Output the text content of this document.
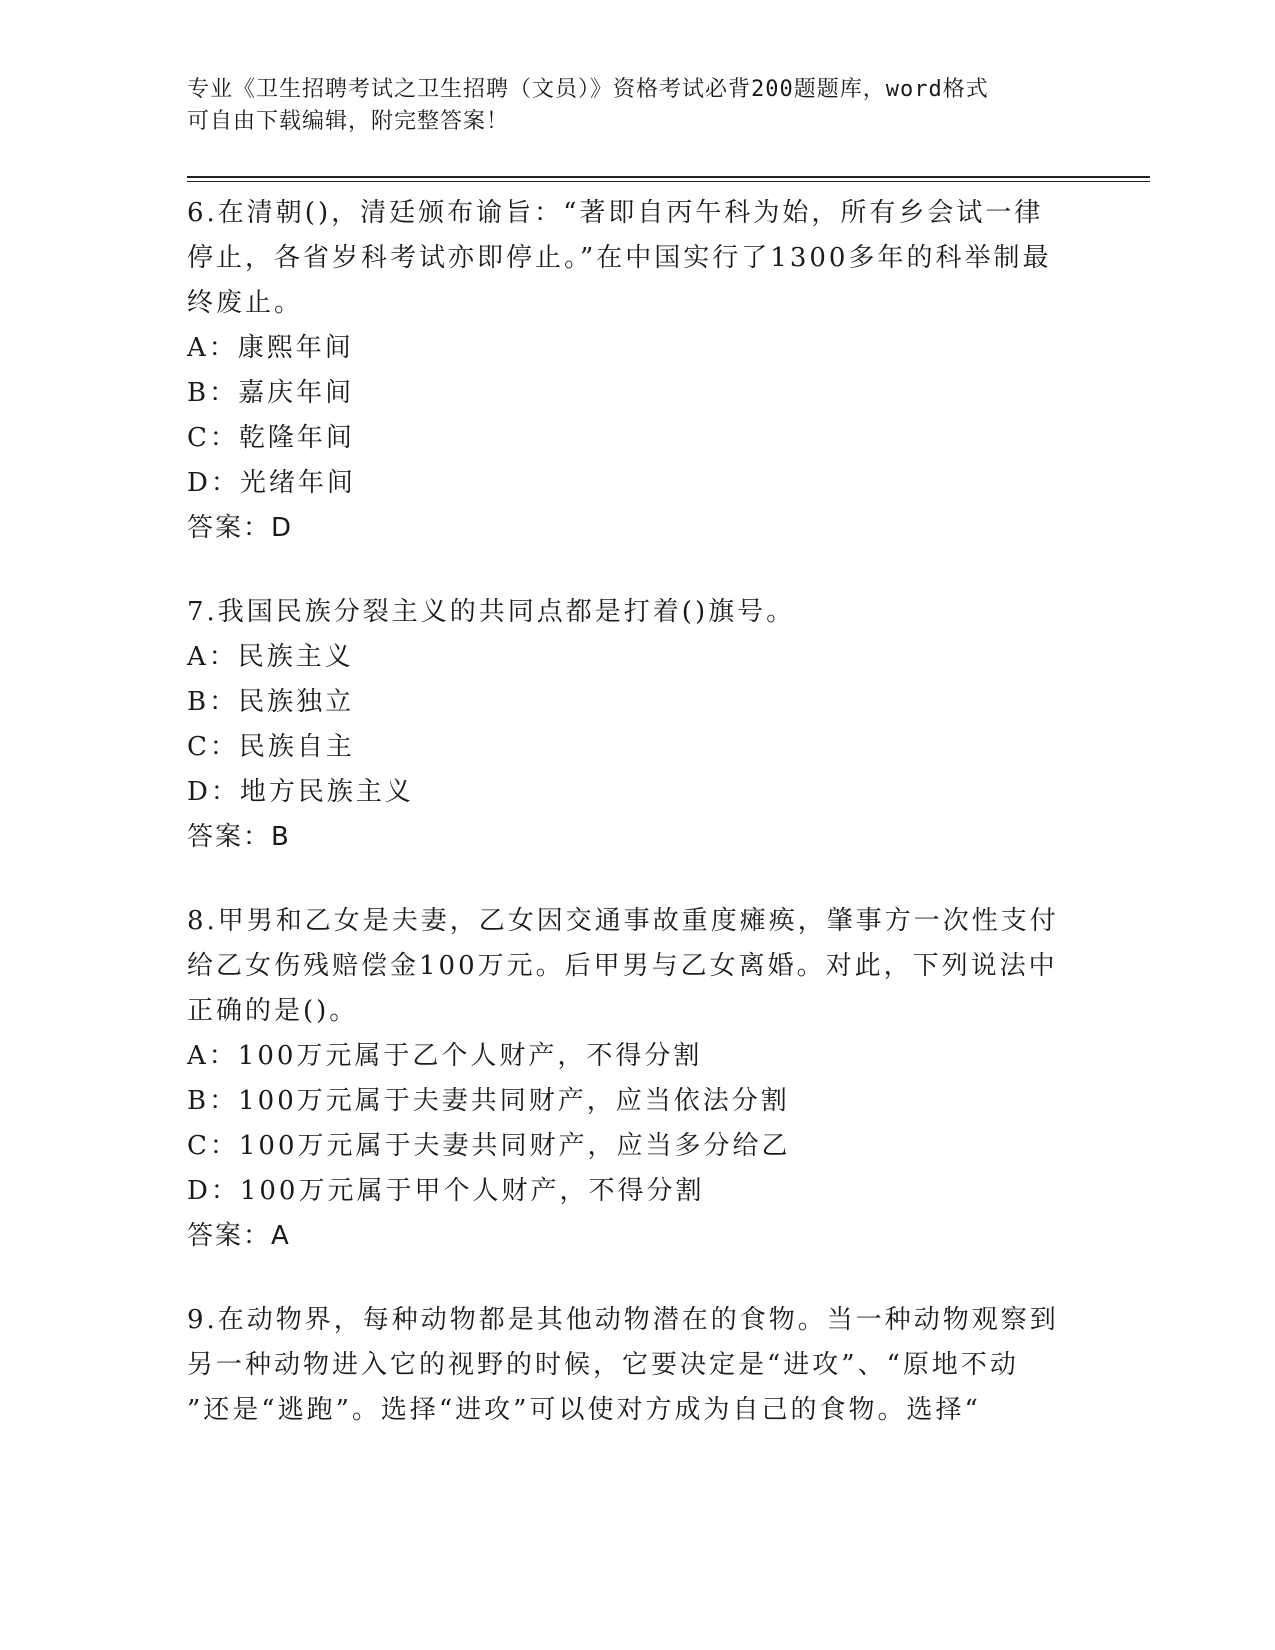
专业《卫生招聘考试之卫生招聘（文员）》资格考试必背200题题库，word格式
可自由下载编辑，附完整答案！
6.在清朝()，清廷颁布谕旨：“著即自丙午科为始，所有乡会试一律
停止，各省岁科考试亦即停止。”在中国实行了1300多年的科举制最
终废止。
A：康熙年间
B：嘉庆年间
C：乾隆年间
D：光绪年间
答案：D
7.我国民族分裂主义的共同点都是打着()旗号。
A：民族主义
B：民族独立
C：民族自主
D：地方民族主义
答案：B
8.甲男和乙女是夫妻，乙女因交通事故重度瘫痪，肇事方一次性支付
给乙女伤残赔偿金100万元。后甲男与乙女离婚。对此，下列说法中
正确的是()。
A：100万元属于乙个人财产，不得分割
B：100万元属于夫妻共同财产，应当依法分割
C：100万元属于夫妻共同财产，应当多分给乙
D：100万元属于甲个人财产，不得分割
答案：A
9.在动物界，每种动物都是其他动物潜在的食物。当一种动物观察到
另一种动物进入它的视野的时候，它要决定是“进攻”、“原地不动
”还是“逃跑”。选择“进攻”可以使对方成为自己的食物。选择“
